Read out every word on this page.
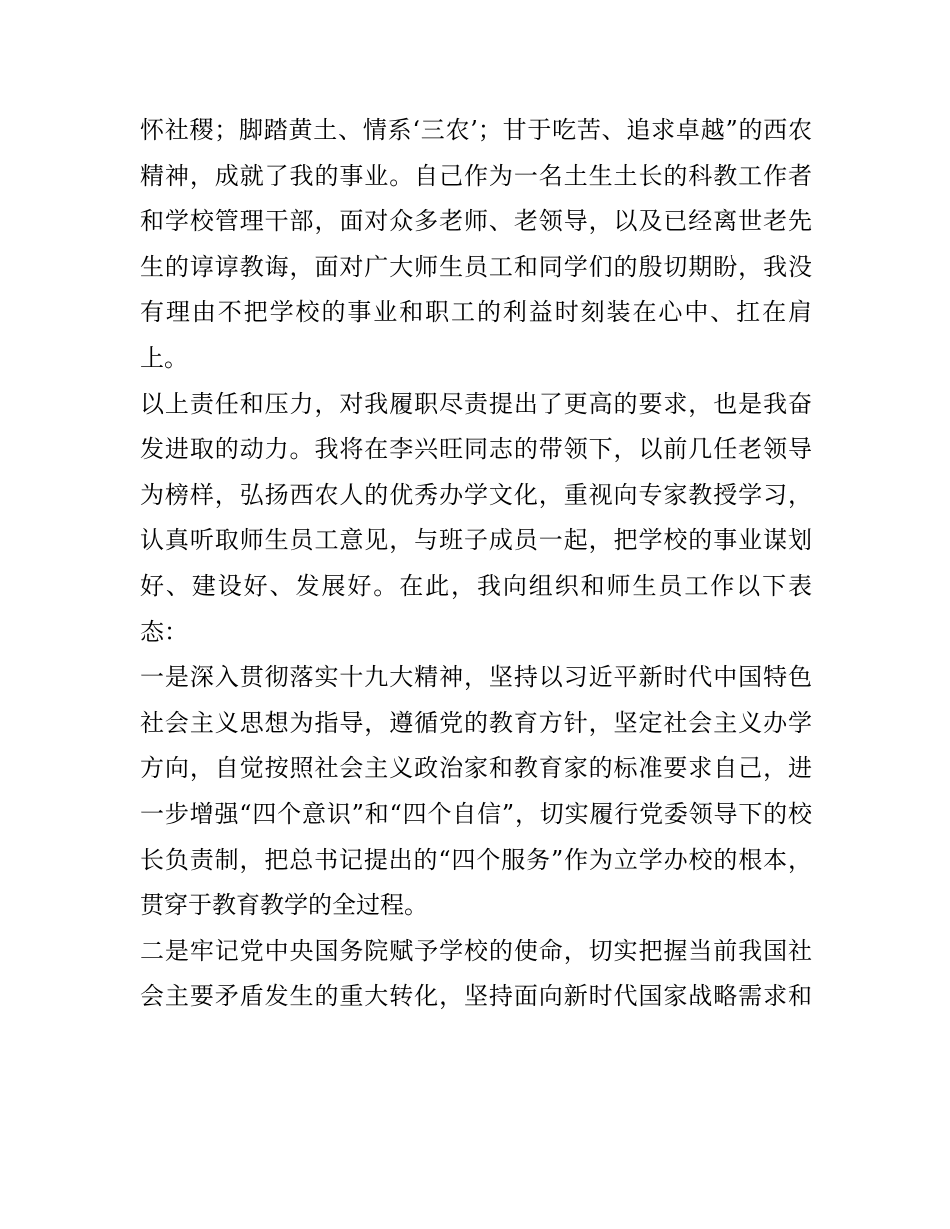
怀社稷；脚踏黄土、情系‘三农’；甘于吃苦、追求卓越”的西农
精神，成就了我的事业。自己作为一名土生土长的科教工作者
和学校管理干部，面对众多老师、老领导，以及已经离世老先
生的谆谆教诲，面对广大师生员工和同学们的殷切期盼，我没
有理由不把学校的事业和职工的利益时刻装在心中、扛在肩
上。
以上责任和压力，对我履职尽责提出了更高的要求，也是我奋
发进取的动力。我将在李兴旺同志的带领下，以前几任老领导
为榜样，弘扬西农人的优秀办学文化，重视向专家教授学习，
认真听取师生员工意见，与班子成员一起，把学校的事业谋划
好、建设好、发展好。在此，我向组织和师生员工作以下表
态：
一是深入贯彻落实十九大精神，坚持以习近平新时代中国特色
社会主义思想为指导，遵循党的教育方针，坚定社会主义办学
方向，自觉按照社会主义政治家和教育家的标准要求自己，进
一步增强“四个意识”和“四个自信”，切实履行党委领导下的校
长负责制，把总书记提出的“四个服务”作为立学办校的根本，
贯穿于教育教学的全过程。
二是牢记党中央国务院赋予学校的使命，切实把握当前我国社
会主要矛盾发生的重大转化，坚持面向新时代国家战略需求和
